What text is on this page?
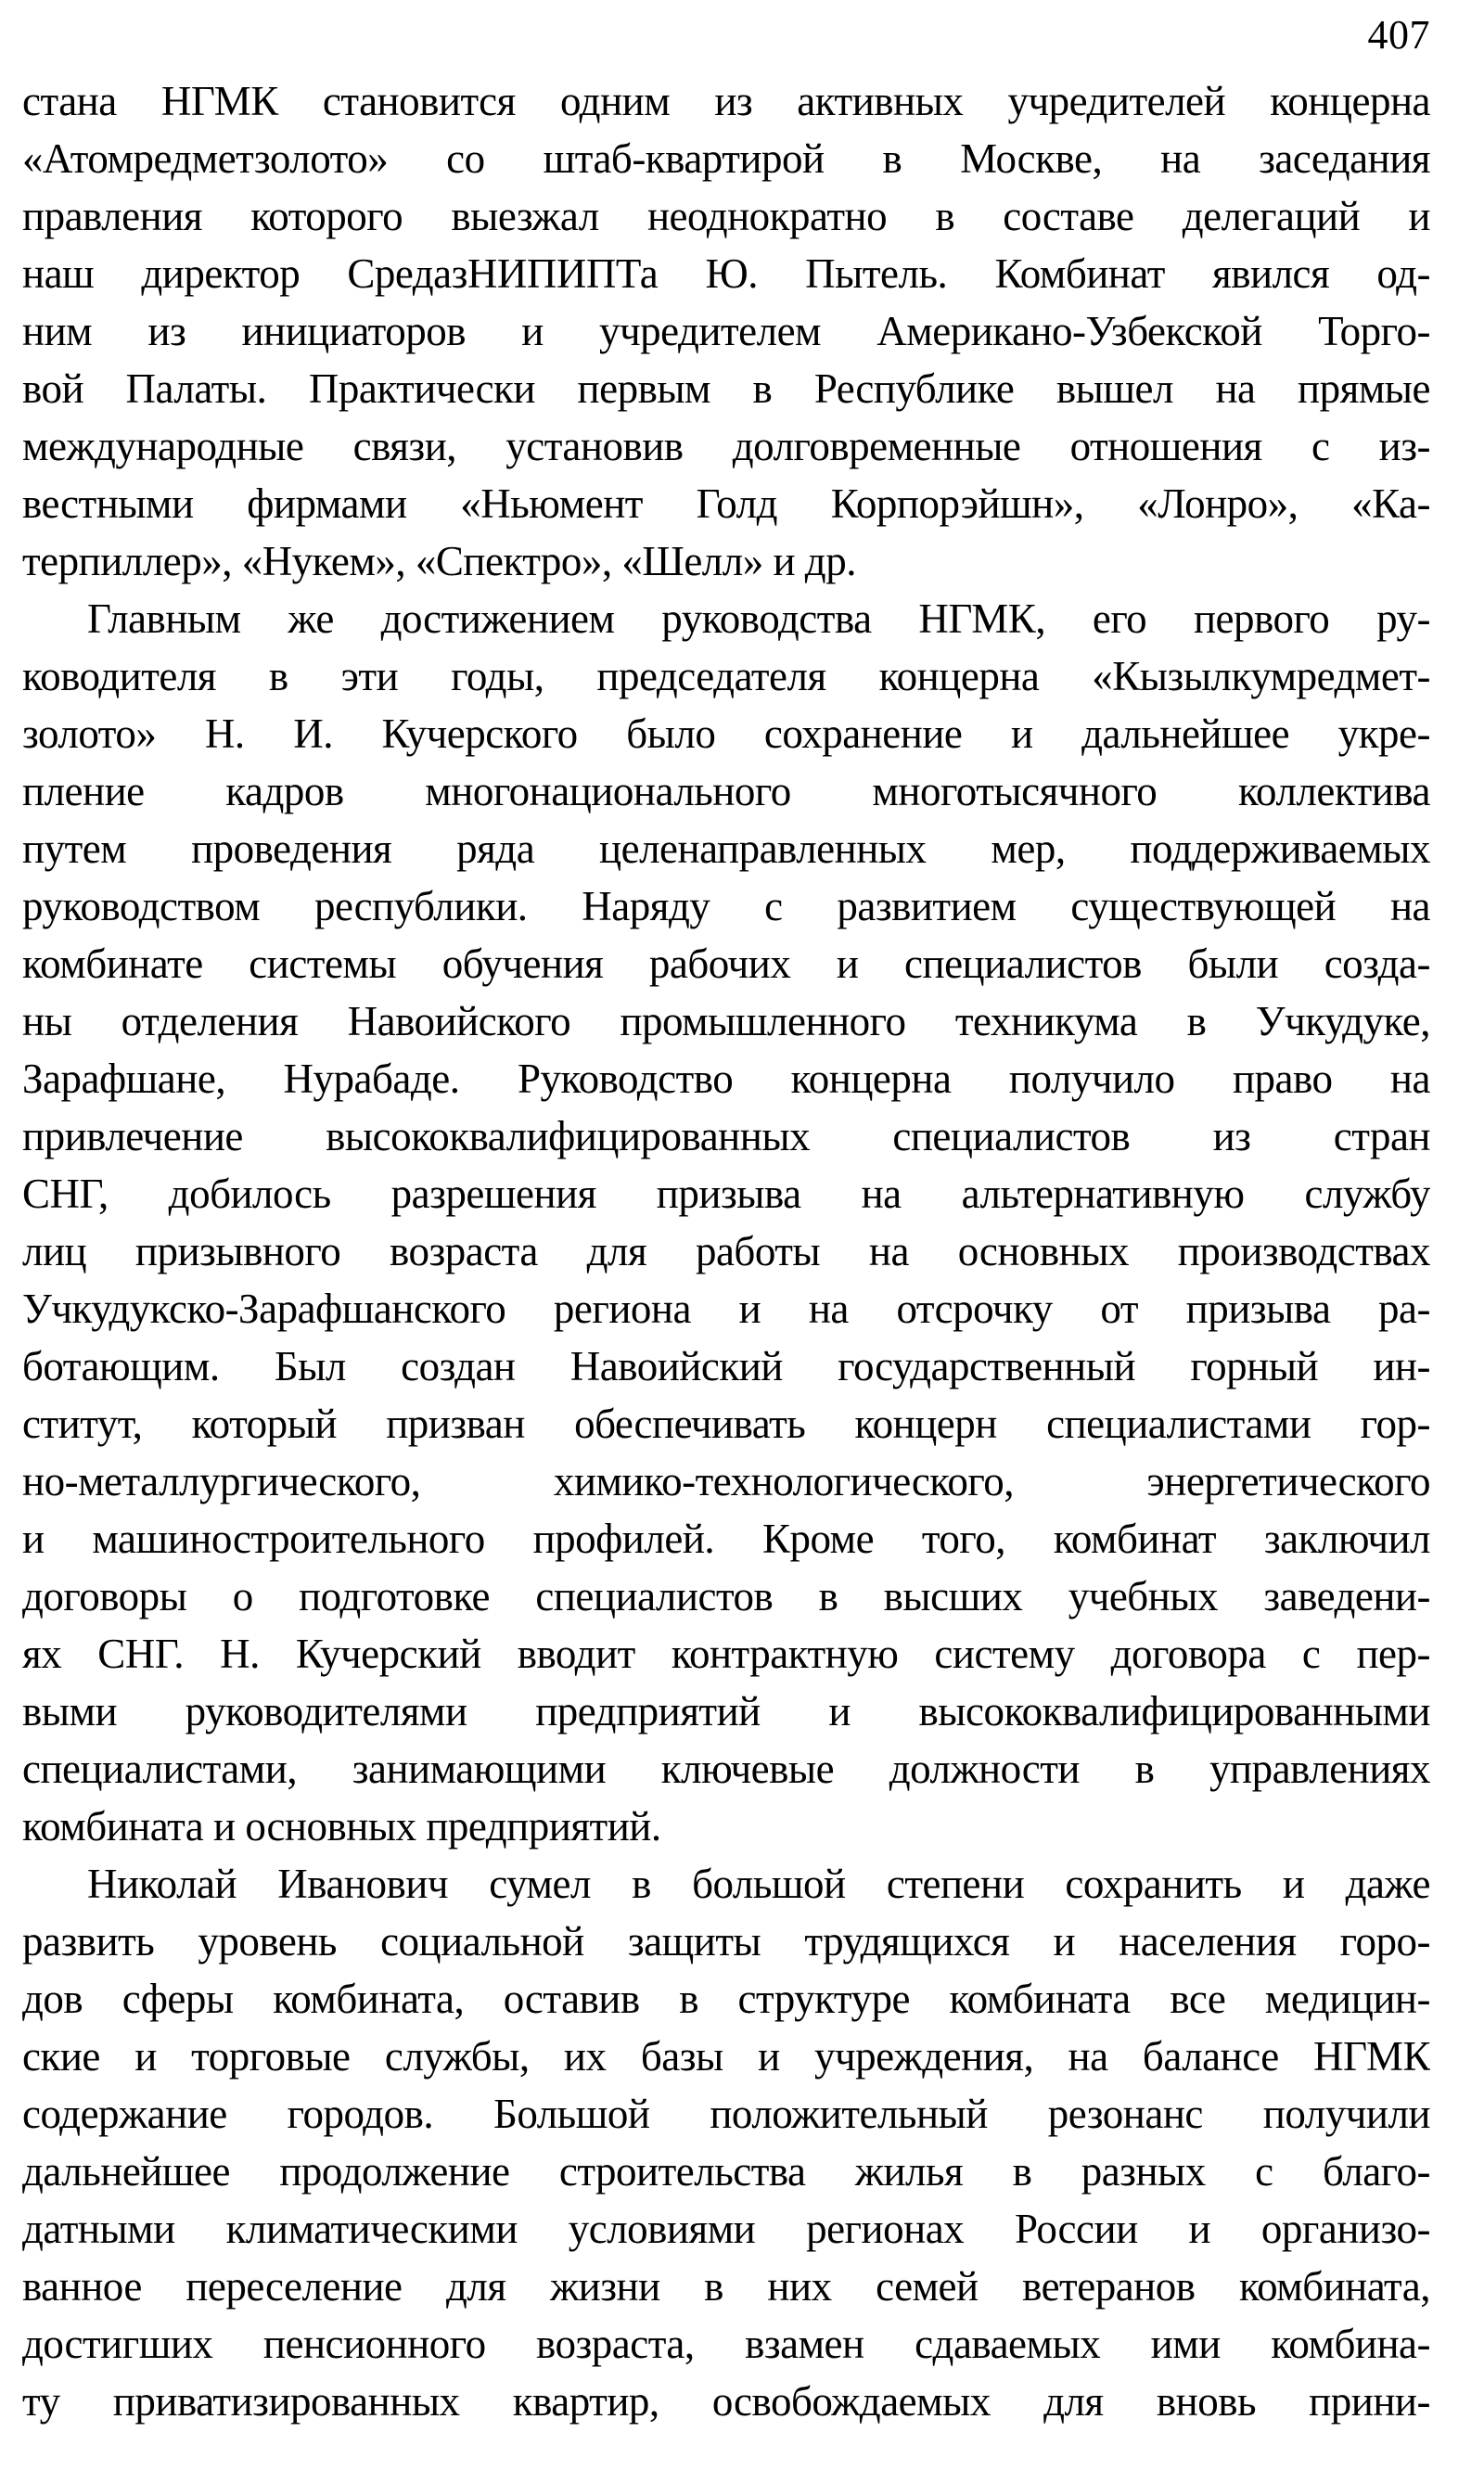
407
стана НГМК становится одним из активных учредителей концерна
«Атомредметзолото» со штаб-квартирой в Москве, на заседания
правления которого выезжал неоднократно в составе делегаций и
наш директор СредазНИПИПТа Ю. Пытель. Комбинат явился од-
ним из инициаторов и учредителем Американо-Узбекской Торго-
вой Палаты. Практически первым в Республике вышел на прямые
международные связи, установив долговременные отношения с из-
вестными фирмами «Ньюмент Голд Корпорэйшн», «Лонро», «Ка-
терпиллер», «Нукем», «Спектро», «Шелл» и др.
Главным же достижением руководства НГМК, его первого ру-
ководителя в эти годы, председателя концерна «Кызылкумредмет-
золото» Н. И. Кучерского было сохранение и дальнейшее укре-
пление кадров многонационального многотысячного коллектива
путем проведения ряда целенаправленных мер, поддерживаемых
руководством республики. Наряду с развитием существующей на
комбинате системы обучения рабочих и специалистов были созда-
ны отделения Навоийского промышленного техникума в Учкудуке,
Зарафшане, Нурабаде. Руководство концерна получило право на
привлечение высококвалифицированных специалистов из стран
СНГ, добилось разрешения призыва на альтернативную службу
лиц призывного возраста для работы на основных производствах
Учкудукско-Зарафшанского региона и на отсрочку от призыва ра-
ботающим. Был создан Навоийский государственный горный ин-
ститут, который призван обеспечивать концерн специалистами гор-
но-металлургического, химико-технологического, энергетического
и машиностроительного профилей. Кроме того, комбинат заключил
договоры о подготовке специалистов в высших учебных заведени-
ях СНГ. Н. Кучерский вводит контрактную систему договора с пер-
выми руководителями предприятий и высококвалифицированными
специалистами, занимающими ключевые должности в управлениях
комбината и основных предприятий.
Николай Иванович сумел в большой степени сохранить и даже
развить уровень социальной защиты трудящихся и населения горо-
дов сферы комбината, оставив в структуре комбината все медицин-
ские и торговые службы, их базы и учреждения, на балансе НГМК
содержание городов. Большой положительный резонанс получили
дальнейшее продолжение строительства жилья в разных с благо-
датными климатическими условиями регионах России и организо-
ванное переселение для жизни в них семей ветеранов комбината,
достигших пенсионного возраста, взамен сдаваемых ими комбина-
ту приватизированных квартир, освобождаемых для вновь прини-
